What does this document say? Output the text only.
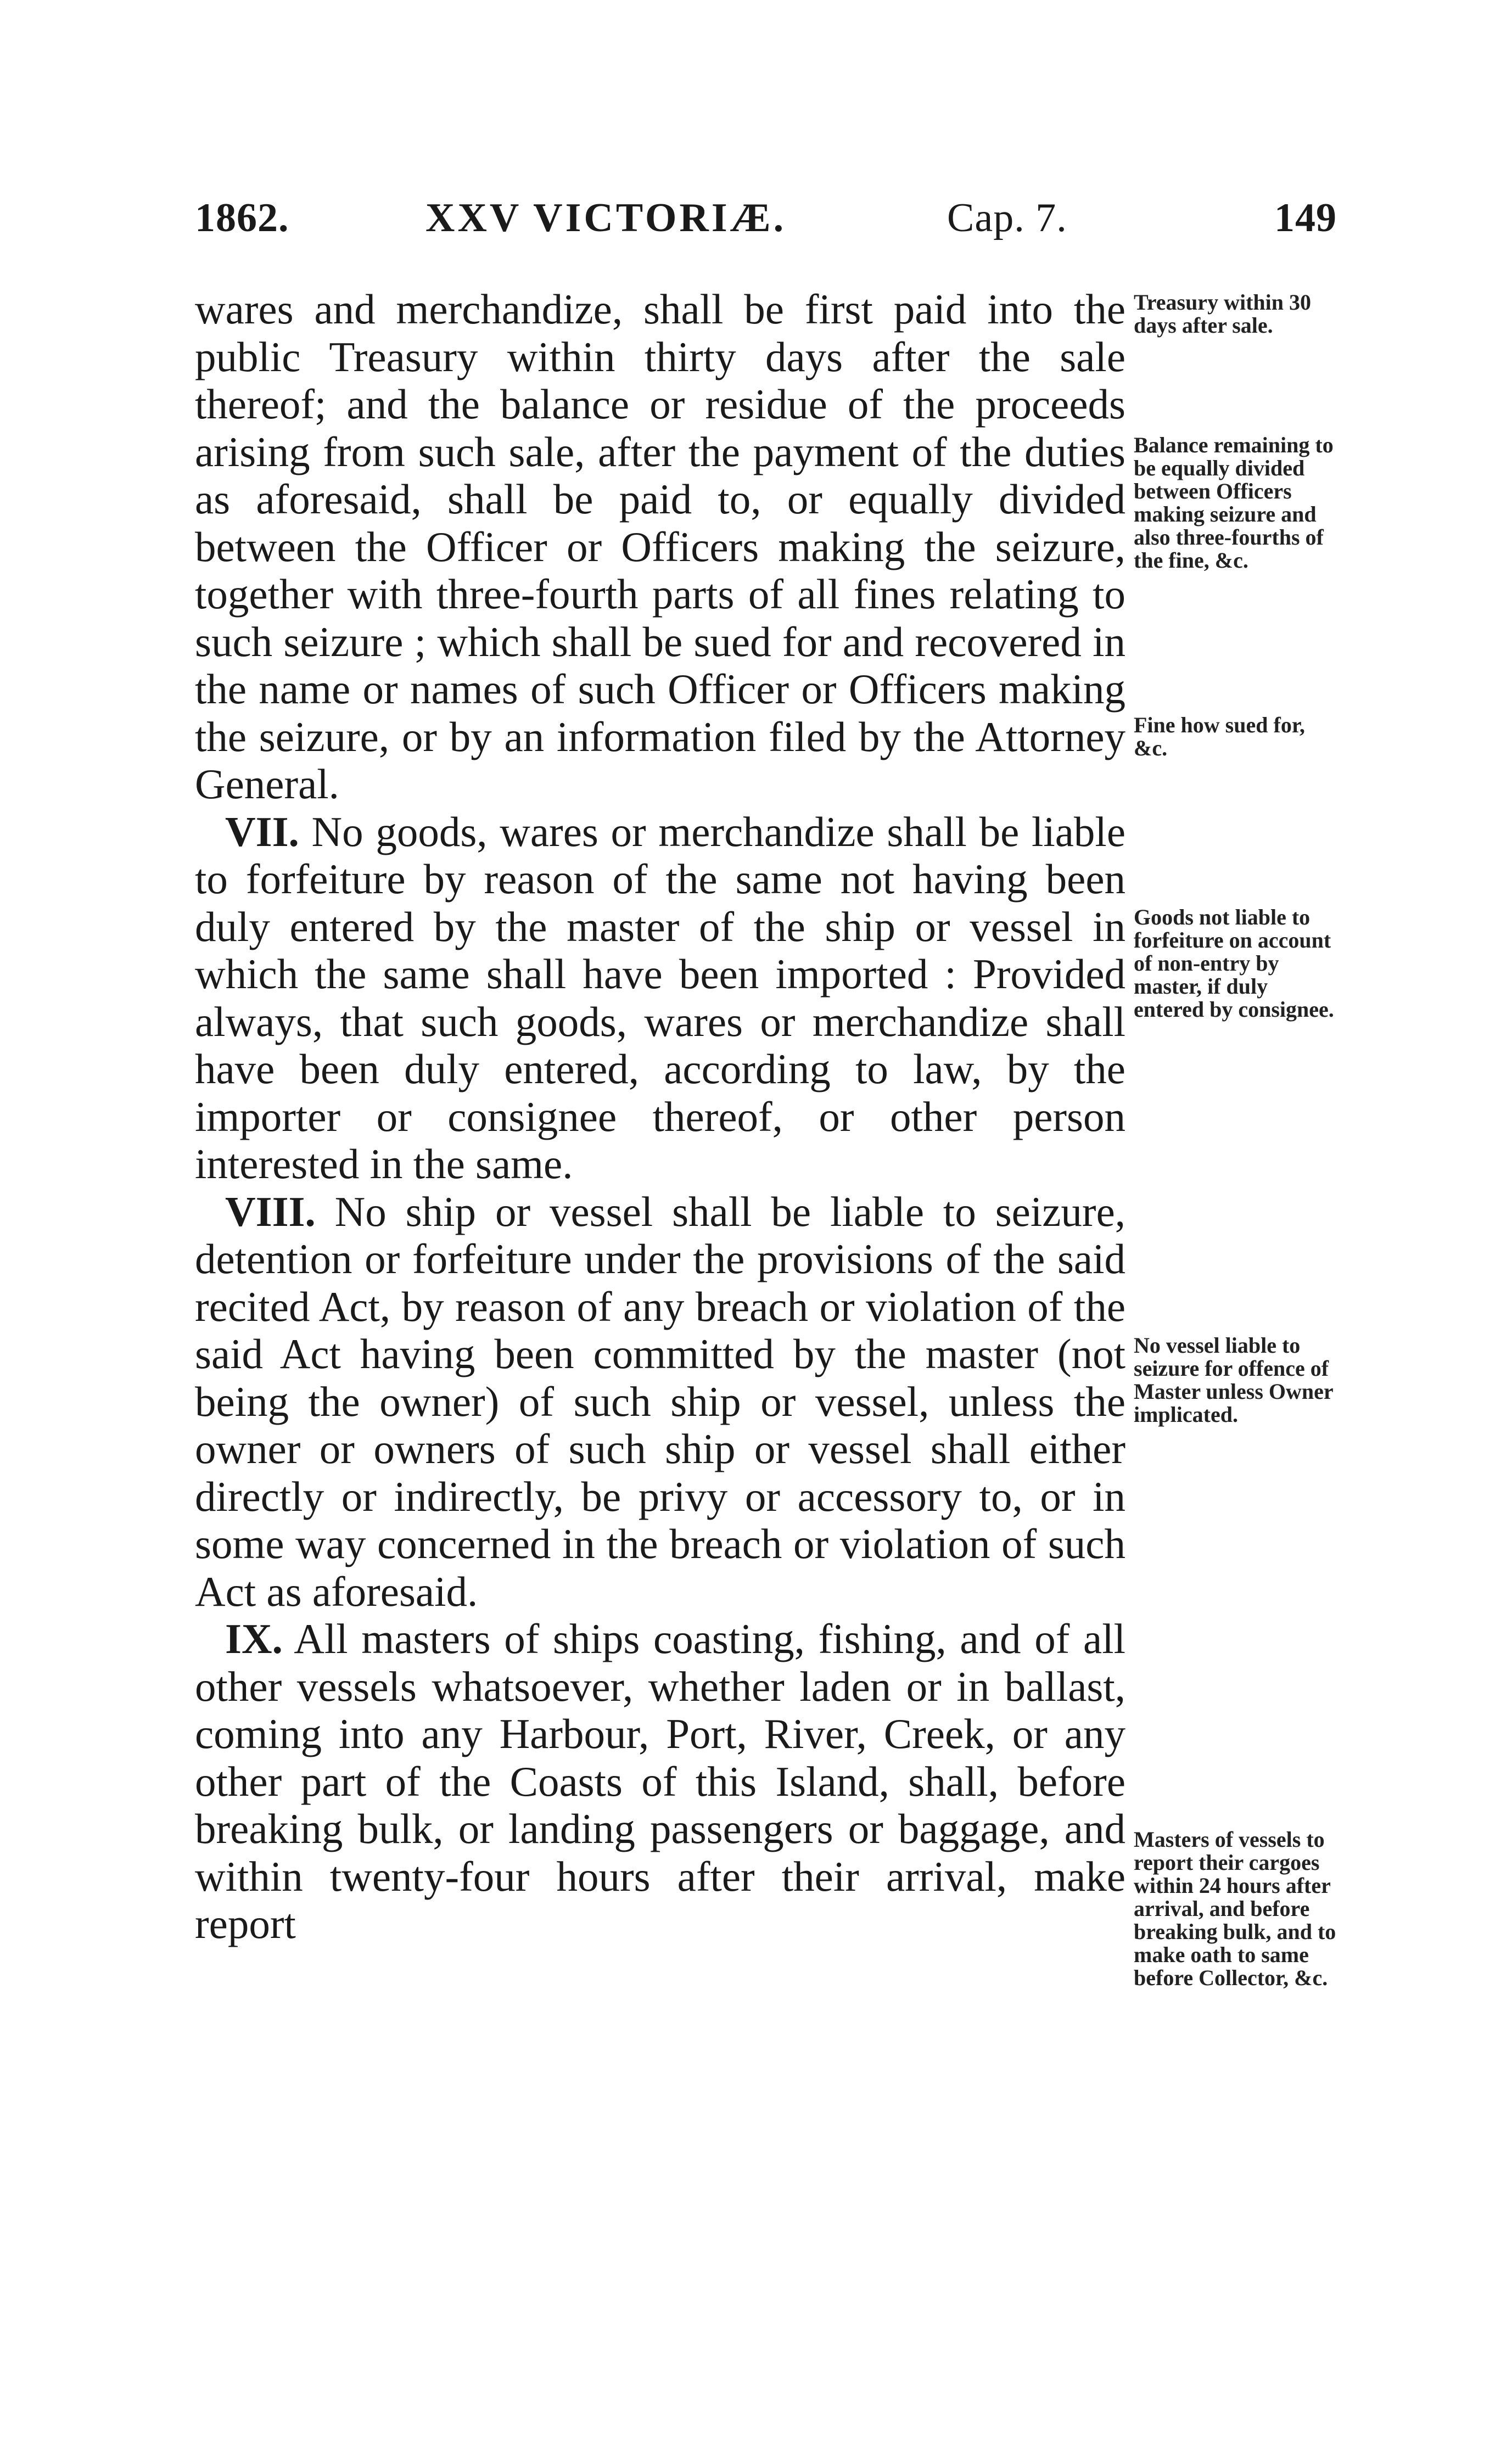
1862.	XXV VICTORIÆ.	Cap. 7.	149

wares and merchandize, shall be first paid into the public Treasury within thirty days after the sale thereof; and the balance or residue of the proceeds arising from such sale, after the payment of the duties as aforesaid, shall be paid to, or equally divided between the Officer or Officers making the seizure, together with three-fourth parts of all fines relating to such seizure ; which shall be sued for and recovered in the name or names of such Officer or Officers making the seizure, or by an information filed by the Attorney General.

VII. No goods, wares or merchandize shall be liable to forfeiture by reason of the same not having been duly entered by the master of the ship or vessel in which the same shall have been imported : Provided always, that such goods, wares or merchandize shall have been duly entered, according to law, by the importer or consignee thereof, or other person interested in the same.

VIII. No ship or vessel shall be liable to seizure, detention or forfeiture under the provisions of the said recited Act, by reason of any breach or violation of the said Act having been committed by the master (not being the owner) of such ship or vessel, unless the owner or owners of such ship or vessel shall either directly or indirectly, be privy or accessory to, or in some way concerned in the breach or violation of such Act as aforesaid.

IX. All masters of ships coasting, fishing, and of all other vessels whatsoever, whether laden or in ballast, coming into any Harbour, Port, River, Creek, or any other part of the Coasts of this Island, shall, before breaking bulk, or landing passengers or baggage, and within twenty-four hours after their arrival, make report

Treasury within 30 days after sale.
Balance remaining to be equally divided between Officers making seizure and also three-fourths of the fine, &c.
Fine how sued for, &c.
Goods not liable to forfeiture on account of non-entry by master, if duly entered by consignee.
No vessel liable to seizure for offence of Master unless Owner implicated.
Masters of vessels to report their cargoes within 24 hours after arrival, and before breaking bulk, and to make oath to same before Collector, &c.
